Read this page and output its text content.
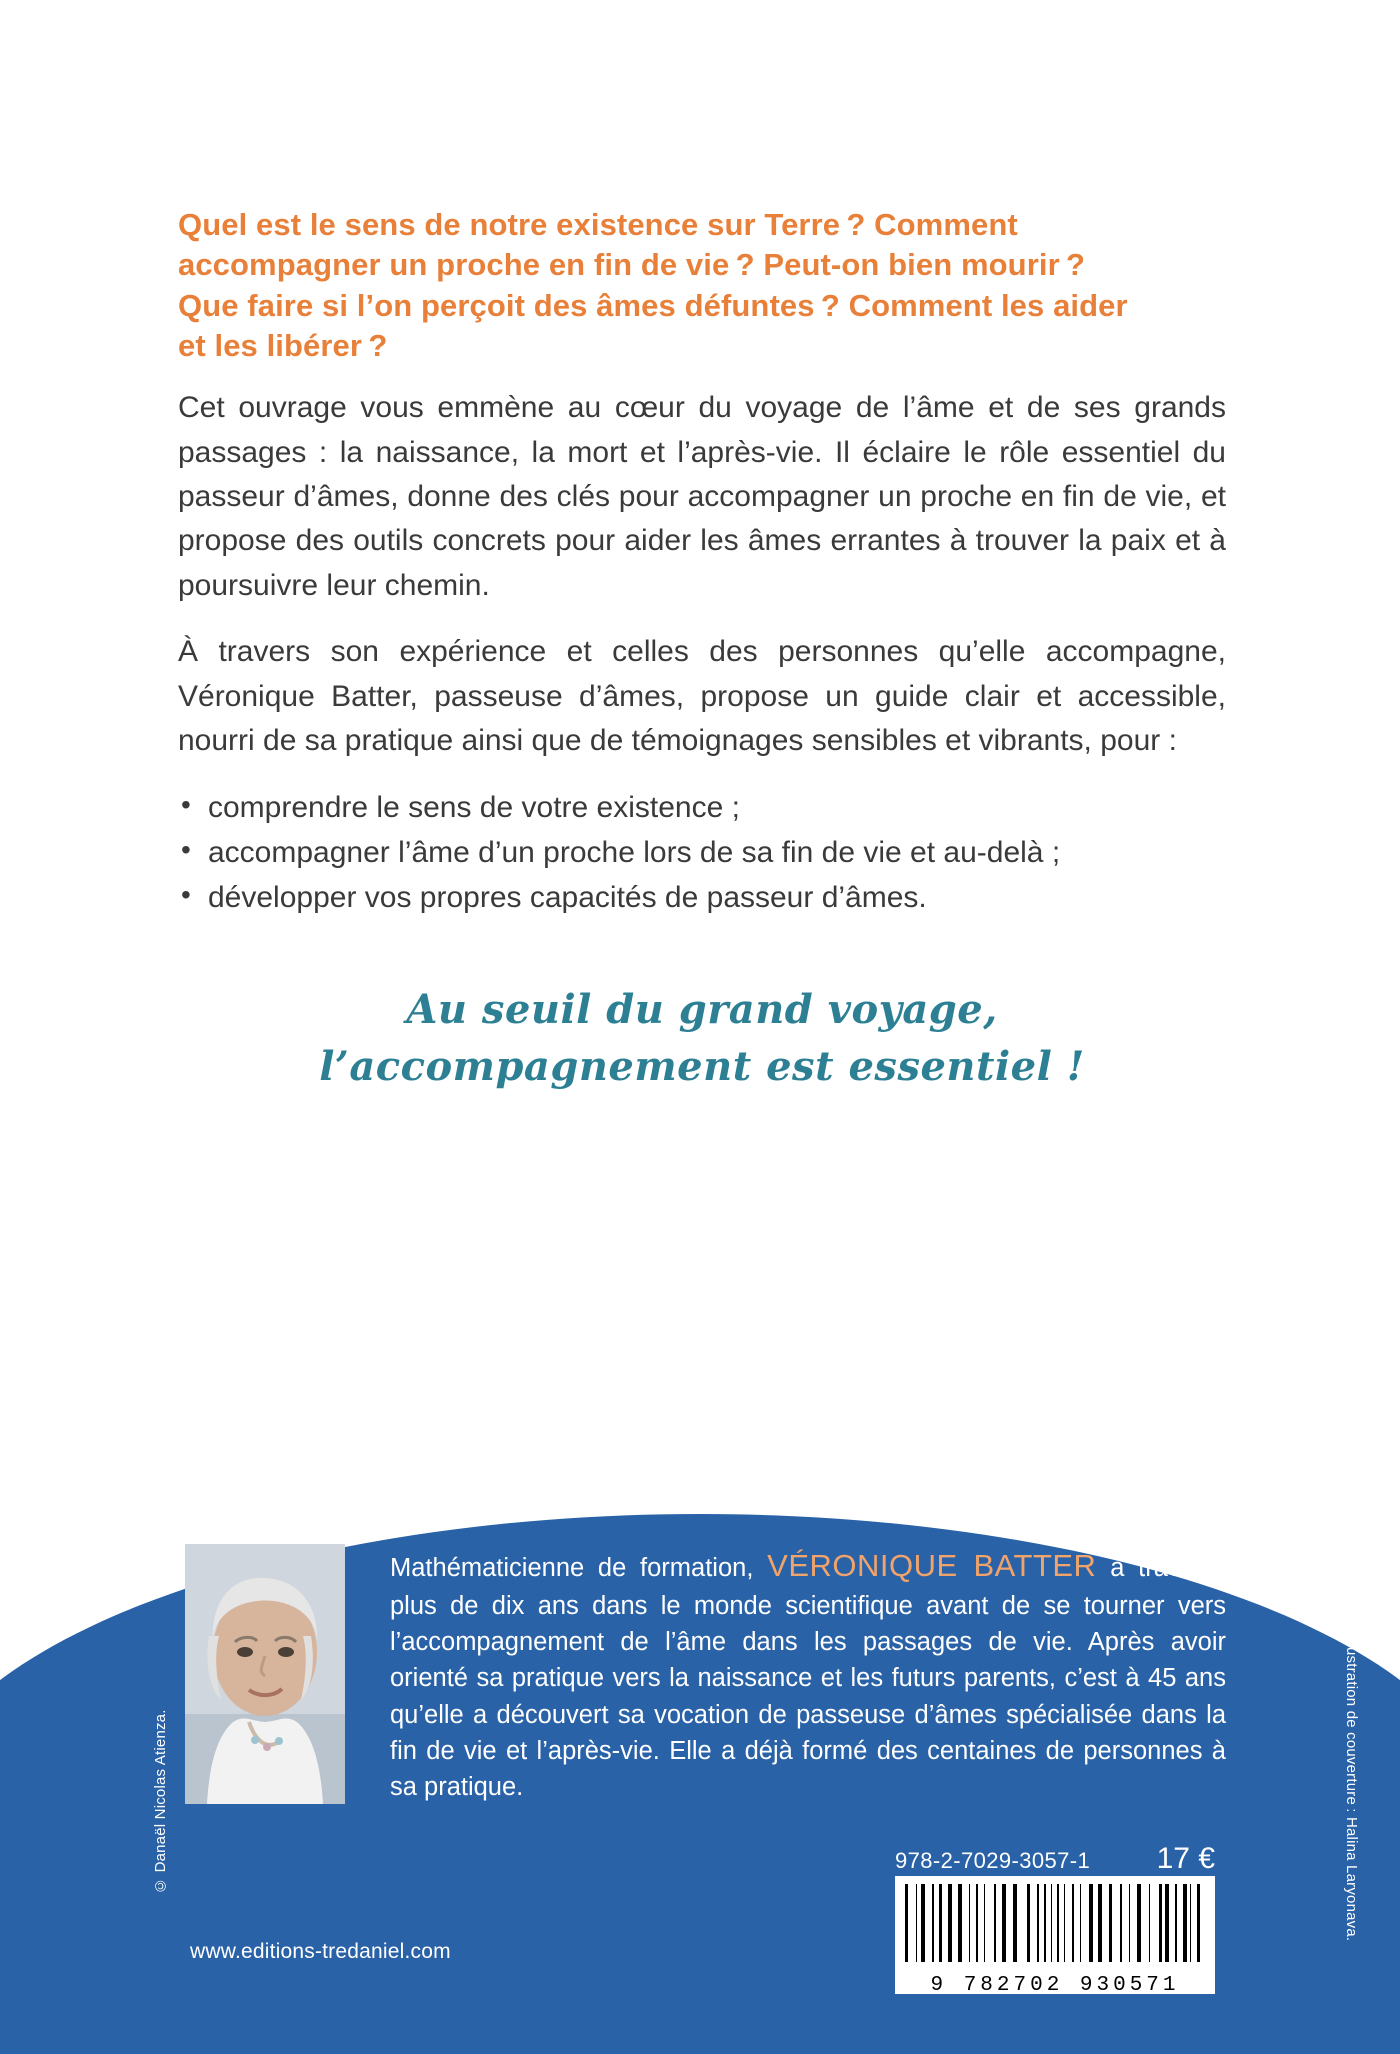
Quel est le sens de notre existence sur Terre ? Comment
accompagner un proche en fin de vie ? Peut-on bien mourir ?
Que faire si l’on perçoit des âmes défuntes ? Comment les aider
et les libérer ?

Cet ouvrage vous emmène au cœur du voyage de l’âme et de ses grands passages : la naissance, la mort et l’après-vie. Il éclaire le rôle essentiel du passeur d’âmes, donne des clés pour accompagner un proche en fin de vie, et propose des outils concrets pour aider les âmes errantes à trouver la paix et à poursuivre leur chemin.

À travers son expérience et celles des personnes qu’elle accompagne, Véronique Batter, passeuse d’âmes, propose un guide clair et accessible, nourri de sa pratique ainsi que de témoignages sensibles et vibrants, pour :

• comprendre le sens de votre existence ;
• accompagner l’âme d’un proche lors de sa fin de vie et au-delà ;
• développer vos propres capacités de passeur d’âmes.
Au seuil du grand voyage,
l’accompagnement est essentiel !
© Danaël Nicolas Atienza.
Mathématicienne de formation, VÉRONIQUE BATTER a travaillé plus de dix ans dans le monde scientifique avant de se tourner vers l’accompagnement de l’âme dans les passages de vie. Après avoir orienté sa pratique vers la naissance et les futurs parents, c’est à 45 ans qu’elle a découvert sa vocation de passeuse d’âmes spécialisée dans la fin de vie et l’après-vie. Elle a déjà formé des centaines de personnes à sa pratique.	© Illustration de couverture : Halina Laryonava.
www.editions-tredaniel.com
978-2-7029-3057-1 17 €
9 782702 930571
